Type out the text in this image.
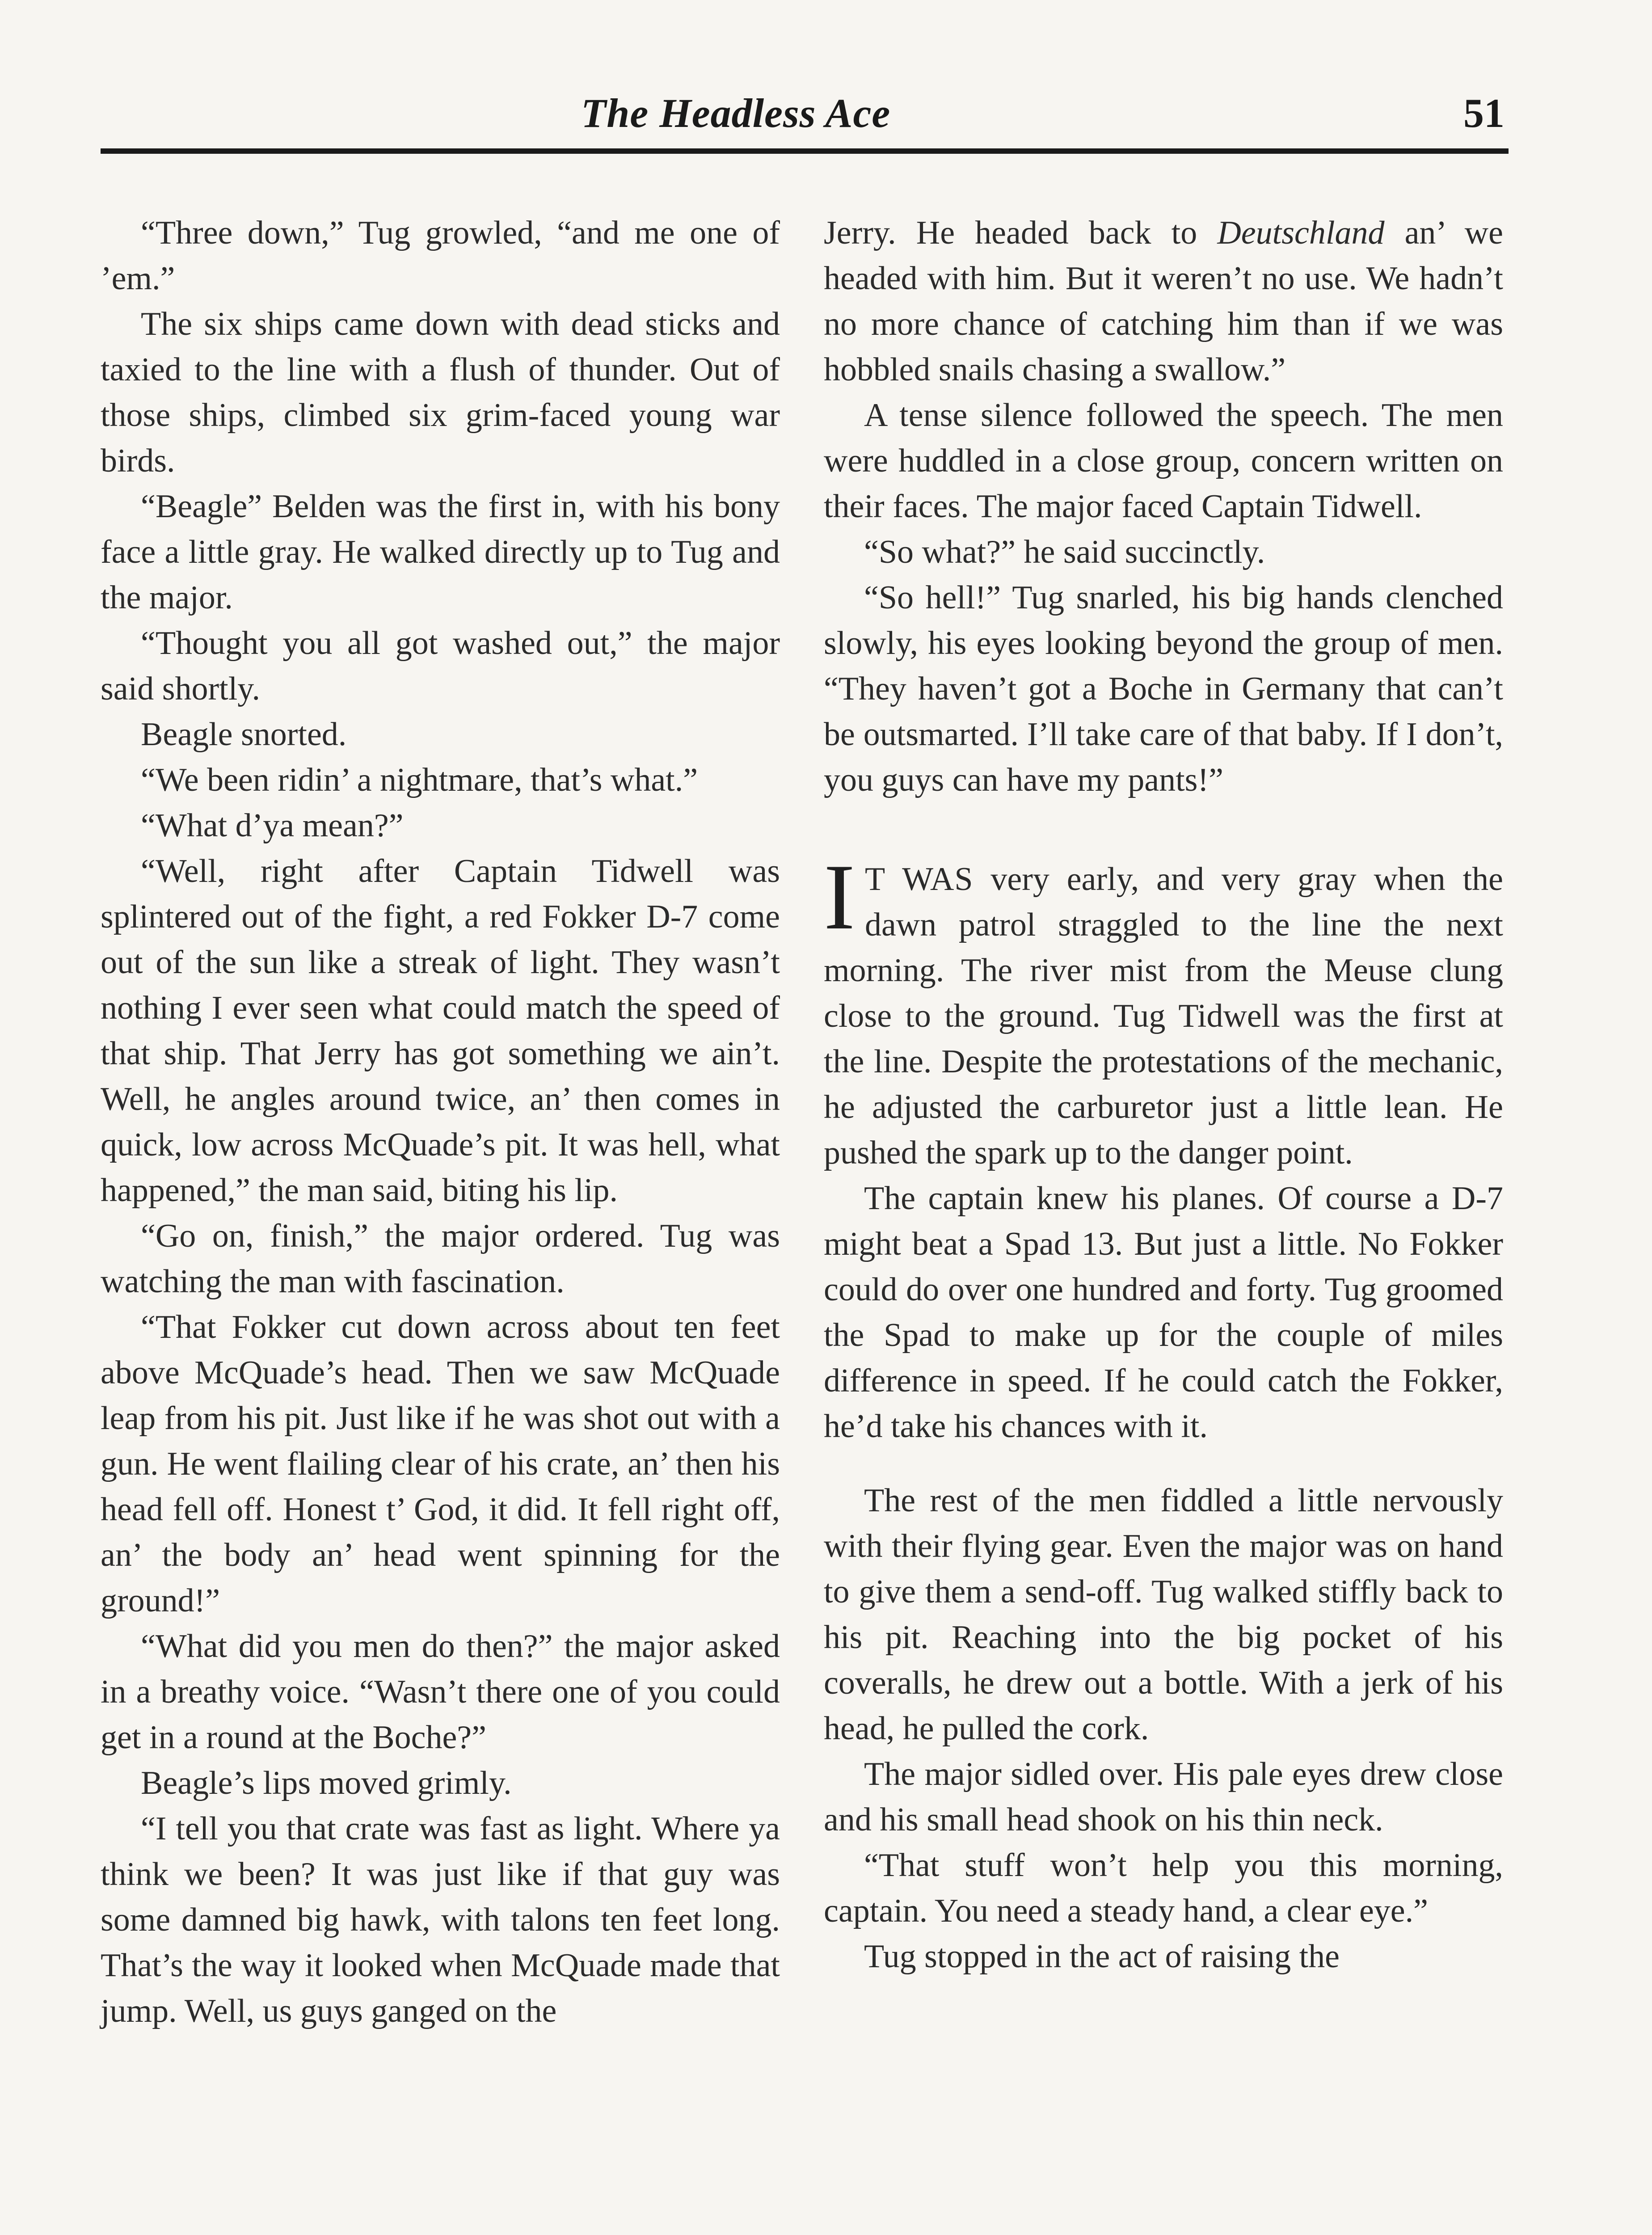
The Headless Ace	51

“Three down,” Tug growled, “and me one of ’em.”

The six ships came down with dead sticks and taxied to the line with a flush of thunder. Out of those ships, climbed six grim-faced young war birds.

“Beagle” Belden was the first in, with his bony face a little gray. He walked directly up to Tug and the major.

“Thought you all got washed out,” the major said shortly.

Beagle snorted.

“We been ridin’ a nightmare, that’s what.”

“What d’ya mean?”

“Well, right after Captain Tidwell was splintered out of the fight, a red Fokker D-7 come out of the sun like a streak of light. They wasn’t nothing I ever seen what could match the speed of that ship. That Jerry has got something we ain’t. Well, he angles around twice, an’ then comes in quick, low across McQuade’s pit. It was hell, what happened,” the man said, biting his lip.

“Go on, finish,” the major ordered. Tug was watching the man with fascination.

“That Fokker cut down across about ten feet above McQuade’s head. Then we saw McQuade leap from his pit. Just like if he was shot out with a gun. He went flailing clear of his crate, an’ then his head fell off. Honest t’ God, it did. It fell right off, an’ the body an’ head went spinning for the ground!”

“What did you men do then?” the major asked in a breathy voice. “Wasn’t there one of you could get in a round at the Boche?”

Beagle’s lips moved grimly.

“I tell you that crate was fast as light. Where ya think we been? It was just like if that guy was some damned big hawk, with talons ten feet long. That’s the way it looked when McQuade made that jump. Well, us guys ganged on the

Jerry. He headed back to Deutschland an’ we headed with him. But it weren’t no use. We hadn’t no more chance of catching him than if we was hobbled snails chasing a swallow.”

A tense silence followed the speech. The men were huddled in a close group, concern written on their faces. The major faced Captain Tidwell.

“So what?” he said succinctly.

“So hell!” Tug snarled, his big hands clenched slowly, his eyes looking beyond the group of men. “They haven’t got a Boche in Germany that can’t be outsmarted. I’ll take care of that baby. If I don’t, you guys can have my pants!”

I T WAS very early, and very gray when the dawn patrol straggled to the line the next morning. The river mist from the Meuse clung close to the ground. Tug Tidwell was the first at the line. Despite the protestations of the mechanic, he adjusted the carburetor just a little lean. He pushed the spark up to the danger point.

The captain knew his planes. Of course a D-7 might beat a Spad 13. But just a little. No Fokker could do over one hundred and forty. Tug groomed the Spad to make up for the couple of miles difference in speed. If he could catch the Fokker, he’d take his chances with it.

The rest of the men fiddled a little nervously with their flying gear. Even the major was on hand to give them a send-off. Tug walked stiffly back to his pit. Reaching into the big pocket of his coveralls, he drew out a bottle. With a jerk of his head, he pulled the cork.

The major sidled over. His pale eyes drew close and his small head shook on his thin neck.

“That stuff won’t help you this morning, captain. You need a steady hand, a clear eye.”

Tug stopped in the act of raising the
